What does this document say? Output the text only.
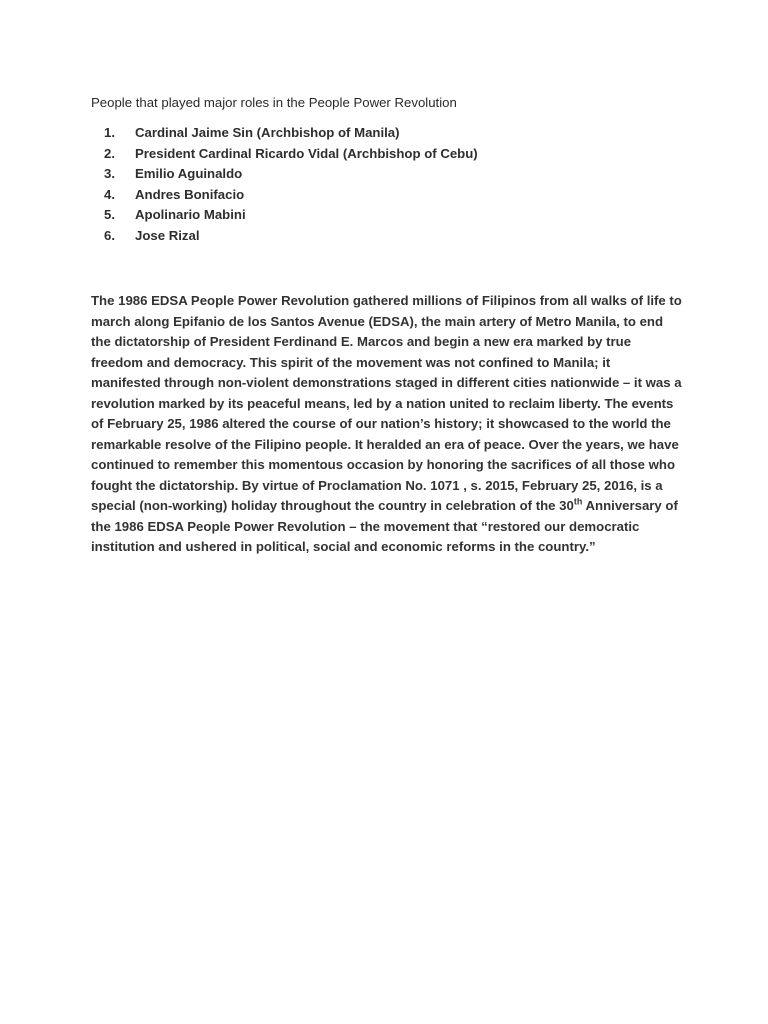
People that played major roles in the People Power Revolution

1. Cardinal Jaime Sin (Archbishop of Manila)
2. President Cardinal Ricardo Vidal (Archbishop of Cebu)
3. Emilio Aguinaldo
4. Andres Bonifacio
5. Apolinario Mabini
6. Jose Rizal

The 1986 EDSA People Power Revolution gathered millions of Filipinos from all walks of life to march along Epifanio de los Santos Avenue (EDSA), the main artery of Metro Manila, to end the dictatorship of President Ferdinand E. Marcos and begin a new era marked by true freedom and democracy. This spirit of the movement was not confined to Manila; it manifested through non-violent demonstrations staged in different cities nationwide – it was a revolution marked by its peaceful means, led by a nation united to reclaim liberty. The events of February 25, 1986 altered the course of our nation’s history; it showcased to the world the remarkable resolve of the Filipino people. It heralded an era of peace. Over the years, we have continued to remember this momentous occasion by honoring the sacrifices of all those who fought the dictatorship. By virtue of Proclamation No. 1071 , s. 2015, February 25, 2016, is a special (non-working) holiday throughout the country in celebration of the 30th Anniversary of the 1986 EDSA People Power Revolution – the movement that “restored our democratic institution and ushered in political, social and economic reforms in the country.”
